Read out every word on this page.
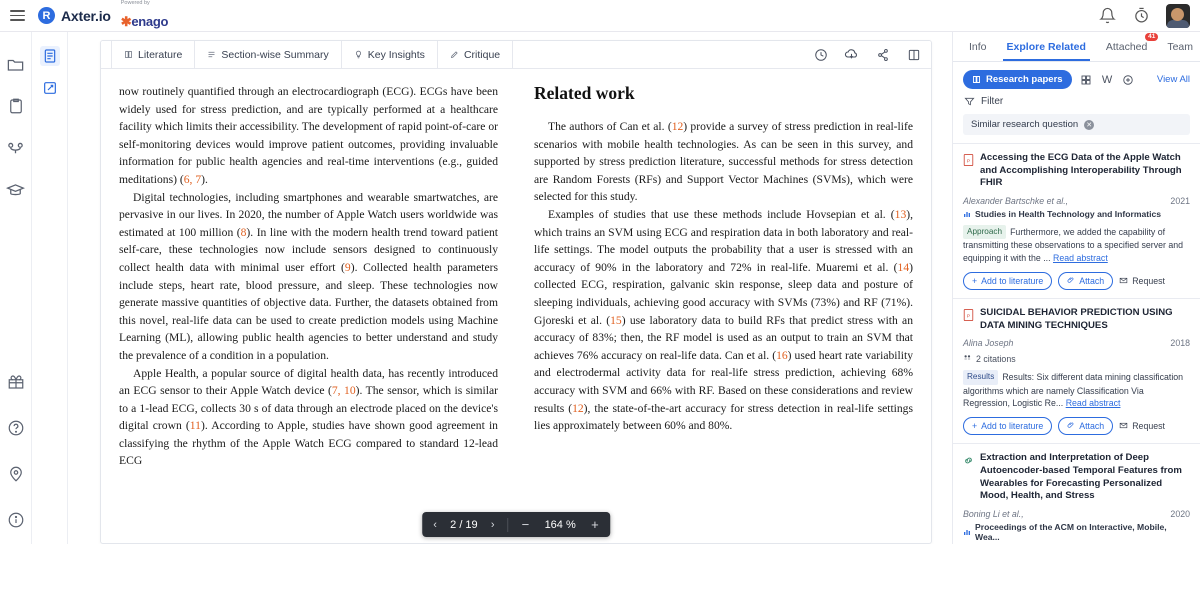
R Axter.io
Powered by
✱enago
Literature	Section-wise Summary	Key Insights	Critique

now routinely quantified through an electrocardiograph (ECG). ECGs have been widely used for stress prediction, and are typically performed at a healthcare facility which limits their accessibility. The development of rapid point-of-care or self-monitoring devices would improve patient outcomes, providing invaluable information for public health agencies and real-time interventions (e.g., guided meditations) (6, 7).

Digital technologies, including smartphones and wearable smartwatches, are pervasive in our lives. In 2020, the number of Apple Watch users worldwide was estimated at 100 million (8). In line with the modern health trend toward patient self-care, these technologies now include sensors designed to continuously collect health data with minimal user effort (9). Collected health parameters include steps, heart rate, blood pressure, and sleep. These technologies now generate massive quantities of objective data. Further, the datasets obtained from this novel, real-life data can be used to create prediction models using Machine Learning (ML), allowing public health agencies to better understand and study the prevalence of a condition in a population.

Apple Health, a popular source of digital health data, has recently introduced an ECG sensor to their Apple Watch device (7, 10). The sensor, which is similar to a 1-lead ECG, collects 30 s of data through an electrode placed on the device's digital crown (11). According to Apple, studies have shown good agreement in classifying the rhythm of the Apple Watch ECG compared to standard 12-lead ECG

Related work

The authors of Can et al. (12) provide a survey of stress prediction in real-life scenarios with mobile health technologies. As can be seen in this survey, and supported by stress prediction literature, successful methods for stress detection are Random Forests (RFs) and Support Vector Machines (SVMs), which were selected for this study.

Examples of studies that use these methods include Hovsepian et al. (13), which trains an SVM using ECG and respiration data in both laboratory and real-life settings. The model outputs the probability that a user is stressed with an accuracy of 90% in the laboratory and 72% in real-life. Muaremi et al. (14) collected ECG, respiration, galvanic skin response, sleep data and posture of sleeping individuals, achieving good accuracy with SVMs (73%) and RF (71%). Gjoreski et al. (15) use laboratory data to build RFs that predict stress with an accuracy of 83%; then, the RF model is used as an output to train an SVM that achieves 76% accuracy on real-life data. Can et al. (16) used heart rate variability and electrodermal activity data for real-life stress prediction, achieving 68% accuracy with SVM and 66% with RF. Based on these considerations and review results (12), the state-of-the-art accuracy for stress detection in real-life settings lies approximately between 60% and 80%.

‹	2 / 19	›	−	164 %	+
Info Explore Related Attached
41
Team
Research papers	W	View All
Filter
Similar research question ✕
P Accessing the ECG Data of the Apple Watch and Accomplishing Interoperability Through FHIR
Alexander Bartschke et al.,	2021
Studies in Health Technology and Informatics
Approach Furthermore, we added the capability of transmitting these observations to a specified server and equipping it with the ... Read abstract
+ Add to literature	Attach	Request
P SUICIDAL BEHAVIOR PREDICTION USING DATA MINING TECHNIQUES
Alina Joseph	2018
2 citations
Results Results: Six different data mining classification algorithms which are namely Classification Via Regression, Logistic Re... Read abstract
+ Add to literature	Attach	Request
Extraction and Interpretation of Deep Autoencoder-based Temporal Features from Wearables for Forecasting Personalized Mood, Health, and Stress
Boning Li et al.,	2020
Proceedings of the ACM on Interactive, Mobile, Wea...
